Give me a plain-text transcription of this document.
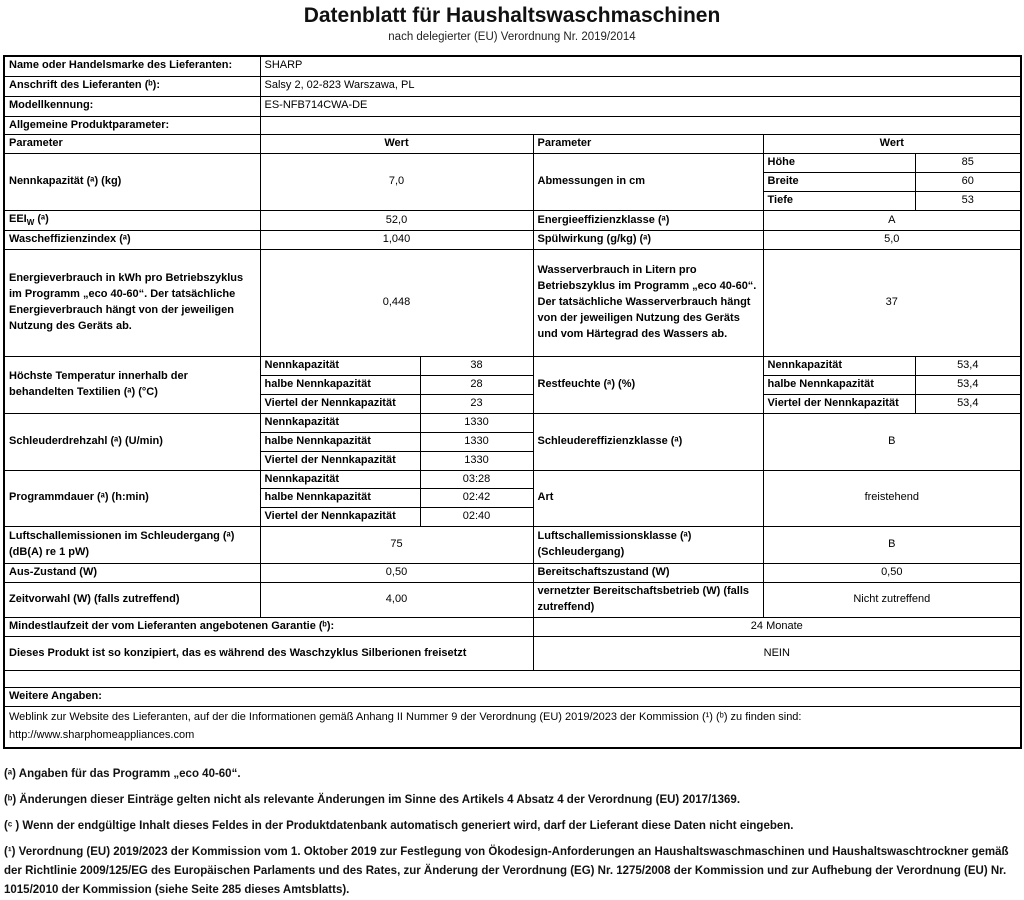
Datenblatt für Haushaltswaschmaschinen
nach delegierter (EU) Verordnung Nr. 2019/2014
Name oder Handelsmarke des Lieferanten:	SHARP				
Anschrift des Lieferanten (ᵇ):	Salsy 2, 02-823 Warszawa, PL				
Modellkennung:	ES-NFB714CWA-DE				
Allgemeine Produktparameter:					
Parameter	Wert		Parameter	Wert	
Nennkapazität (ᵃ) (kg)	7,0		Abmessungen in cm	Höhe	85
				Breite	60
				Tiefe	53
$EEI_W$ (ᵃ)	52,0		Energieeffizienzklasse (ᵃ)	A	
Wascheffizienzindex (ᵃ)	1,040		Spülwirkung (g/kg) (ᵃ)	5,0	
Energieverbrauch in kWh pro Betriebszyklus im Programm „eco 40-60“. Der tatsächliche Energieverbrauch hängt von der jeweiligen Nutzung des Geräts ab.	0,448		Wasserverbrauch in Litern pro Betriebszyklus im Programm „eco 40-60“. Der tatsächliche Wasserverbrauch hängt von der jeweiligen Nutzung des Geräts und vom Härtegrad des Wassers ab.	37	
Höchste Temperatur innerhalb der behandelten Textilien (ᵃ) (°C)	Nennkapazität	38	Restfeuchte (ᵃ) (%)	Nennkapazität	53,4
	halbe Nennkapazität	28		halbe Nennkapazität	53,4
	Viertel der Nennkapazität	23		Viertel der Nennkapazität	53,4
Schleuderdrehzahl (ᵃ) (U/min)	Nennkapazität	1330	Schleudereffizienzklasse (ᵃ)	B	
	halbe Nennkapazität	1330			
	Viertel der Nennkapazität	1330			
Programmdauer (ᵃ) (h:min)	Nennkapazität	03:28	Art	freistehend	
	halbe Nennkapazität	02:42			
	Viertel der Nennkapazität	02:40			
Luftschallemissionen im Schleudergang (ᵃ) (dB(A) re 1 pW)	75		Luftschallemissionsklasse (ᵃ) (Schleudergang)	B	
Aus-Zustand (W)	0,50		Bereitschaftszustand (W)	0,50	
Zeitvorwahl (W) (falls zutreffend)	4,00		vernetzter Bereitschaftsbetrieb (W) (falls zutreffend)	Nicht zutreffend	
Mindestlaufzeit der vom Lieferanten angebotenen Garantie (ᵇ):			24 Monate		
Dieses Produkt ist so konzipiert, das es während des Waschzyklus Silberionen freisetzt			NEIN		

Weitere Angaben:					

Weblink zur Website des Lieferanten, auf der die Informationen gemäß Anhang II Nummer 9 der Verordnung (EU) 2019/2023 der Kommission (¹) (ᵇ) zu finden sind:
http://www.sharphomeappliances.com					

(ᵃ) Angaben für das Programm „eco 40-60“.

(ᵇ) Änderungen dieser Einträge gelten nicht als relevante Änderungen im Sinne des Artikels 4 Absatz 4 der Verordnung (EU) 2017/1369.

(ᶜ ) Wenn der endgültige Inhalt dieses Feldes in der Produktdatenbank automatisch generiert wird, darf der Lieferant diese Daten nicht eingeben.

(¹) Verordnung (EU) 2019/2023 der Kommission vom 1. Oktober 2019 zur Festlegung von Ökodesign-Anforderungen an Haushaltswaschmaschinen und Haushaltswaschtrockner gemäß der Richtlinie 2009/125/EG des Europäischen Parlaments und des Rates, zur Änderung der Verordnung (EG) Nr. 1275/2008 der Kommission und zur Aufhebung der Verordnung (EU) Nr. 1015/2010 der Kommission (siehe Seite 285 dieses Amtsblatts).
